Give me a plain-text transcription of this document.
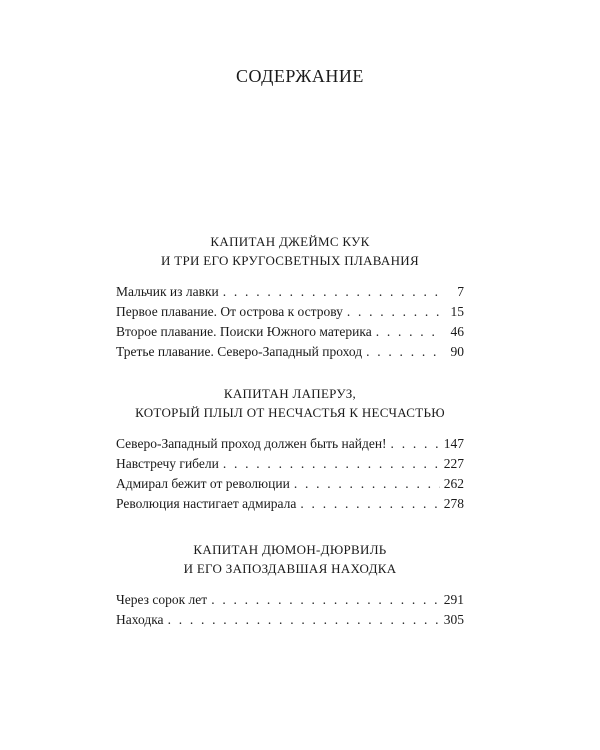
СОДЕРЖАНИЕ
КАПИТАН ДЖЕЙМС КУК
И ТРИ ЕГО КРУГОСВЕТНЫХ ПЛАВАНИЯ
Мальчик из лавки . . .	7
Первое плавание. От острова к острову . . .	15
Второе плавание. Поиски Южного материка . . .	46
Третье плавание. Северо-Западный проход . . .	90
КАПИТАН ЛАПЕРУЗ,
КОТОРЫЙ ПЛЫЛ ОТ НЕСЧАСТЬЯ К НЕСЧАСТЬЮ
Северо-Западный проход должен быть найден! . . .	147
Навстречу гибели . . .	227
Адмирал бежит от революции . . .	262
Революция настигает адмирала . . .	278
КАПИТАН ДЮМОН-ДЮРВИЛЬ
И ЕГО ЗАПОЗДАВШАЯ НАХОДКА
Через сорок лет . . .	291
Находка . . .	305
